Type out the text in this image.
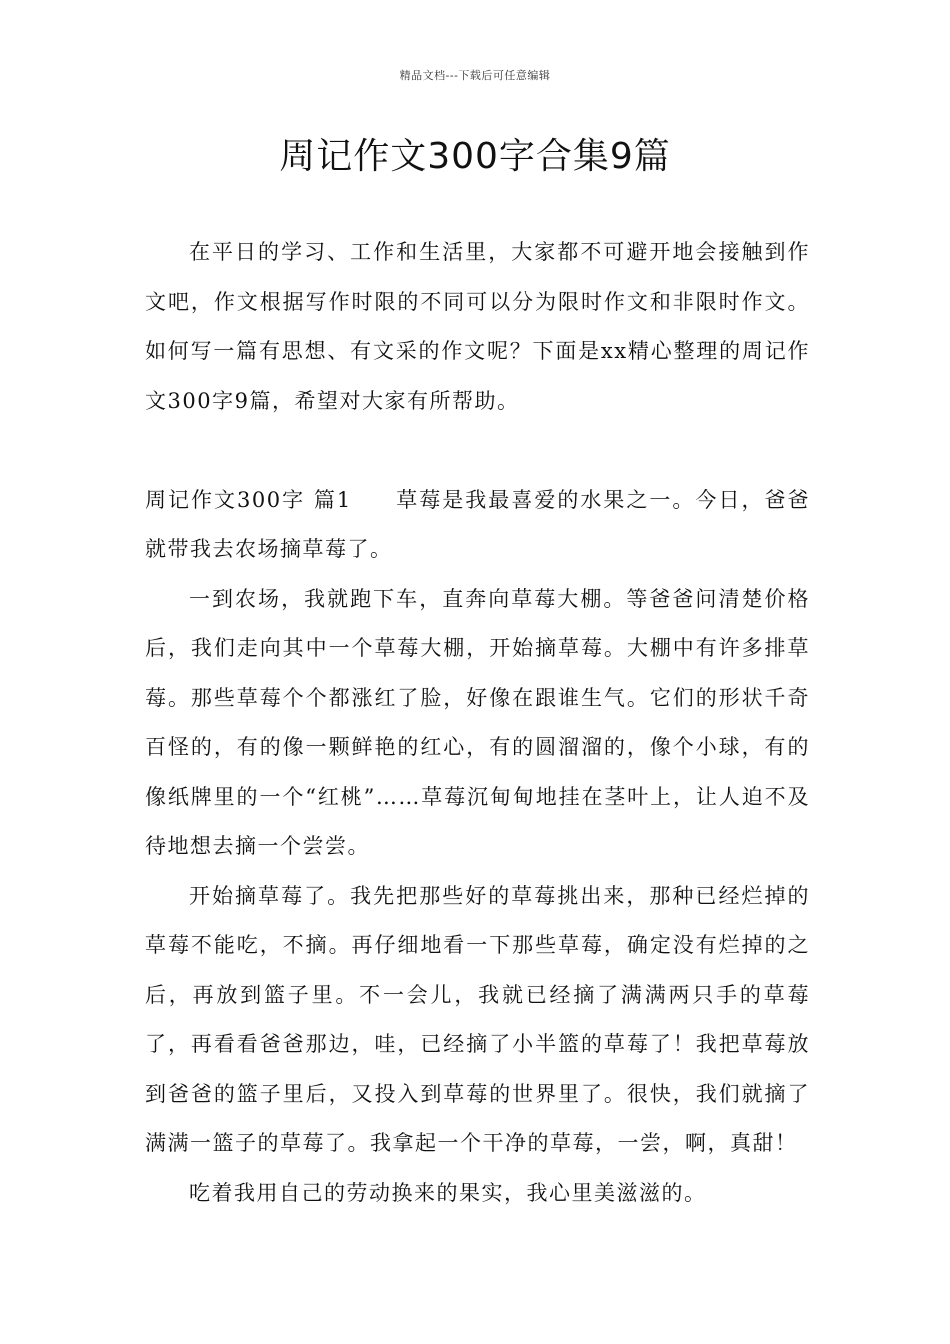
精品文档---下载后可任意编辑
周记作文300字合集9篇

在平日的学习、工作和生活里，大家都不可避开地会接触到作文吧，作文根据写作时限的不同可以分为限时作文和非限时作文。如何写一篇有思想、有文采的作文呢？下面是xx精心整理的周记作文300字9篇，希望对大家有所帮助。

周记作文300字 篇1 草莓是我最喜爱的水果之一。今日，爸爸就带我去农场摘草莓了。

一到农场，我就跑下车，直奔向草莓大棚。等爸爸问清楚价格后，我们走向其中一个草莓大棚，开始摘草莓。大棚中有许多排草莓。那些草莓个个都涨红了脸，好像在跟谁生气。它们的形状千奇百怪的，有的像一颗鲜艳的红心，有的圆溜溜的，像个小球，有的像纸牌里的一个“红桃”……草莓沉甸甸地挂在茎叶上，让人迫不及待地想去摘一个尝尝。

开始摘草莓了。我先把那些好的草莓挑出来，那种已经烂掉的草莓不能吃，不摘。再仔细地看一下那些草莓，确定没有烂掉的之后，再放到篮子里。不一会儿，我就已经摘了满满两只手的草莓了，再看看爸爸那边，哇，已经摘了小半篮的草莓了！我把草莓放到爸爸的篮子里后，又投入到草莓的世界里了。很快，我们就摘了满满一篮子的草莓了。我拿起一个干净的草莓，一尝，啊，真甜！

吃着我用自己的劳动换来的果实，我心里美滋滋的。
